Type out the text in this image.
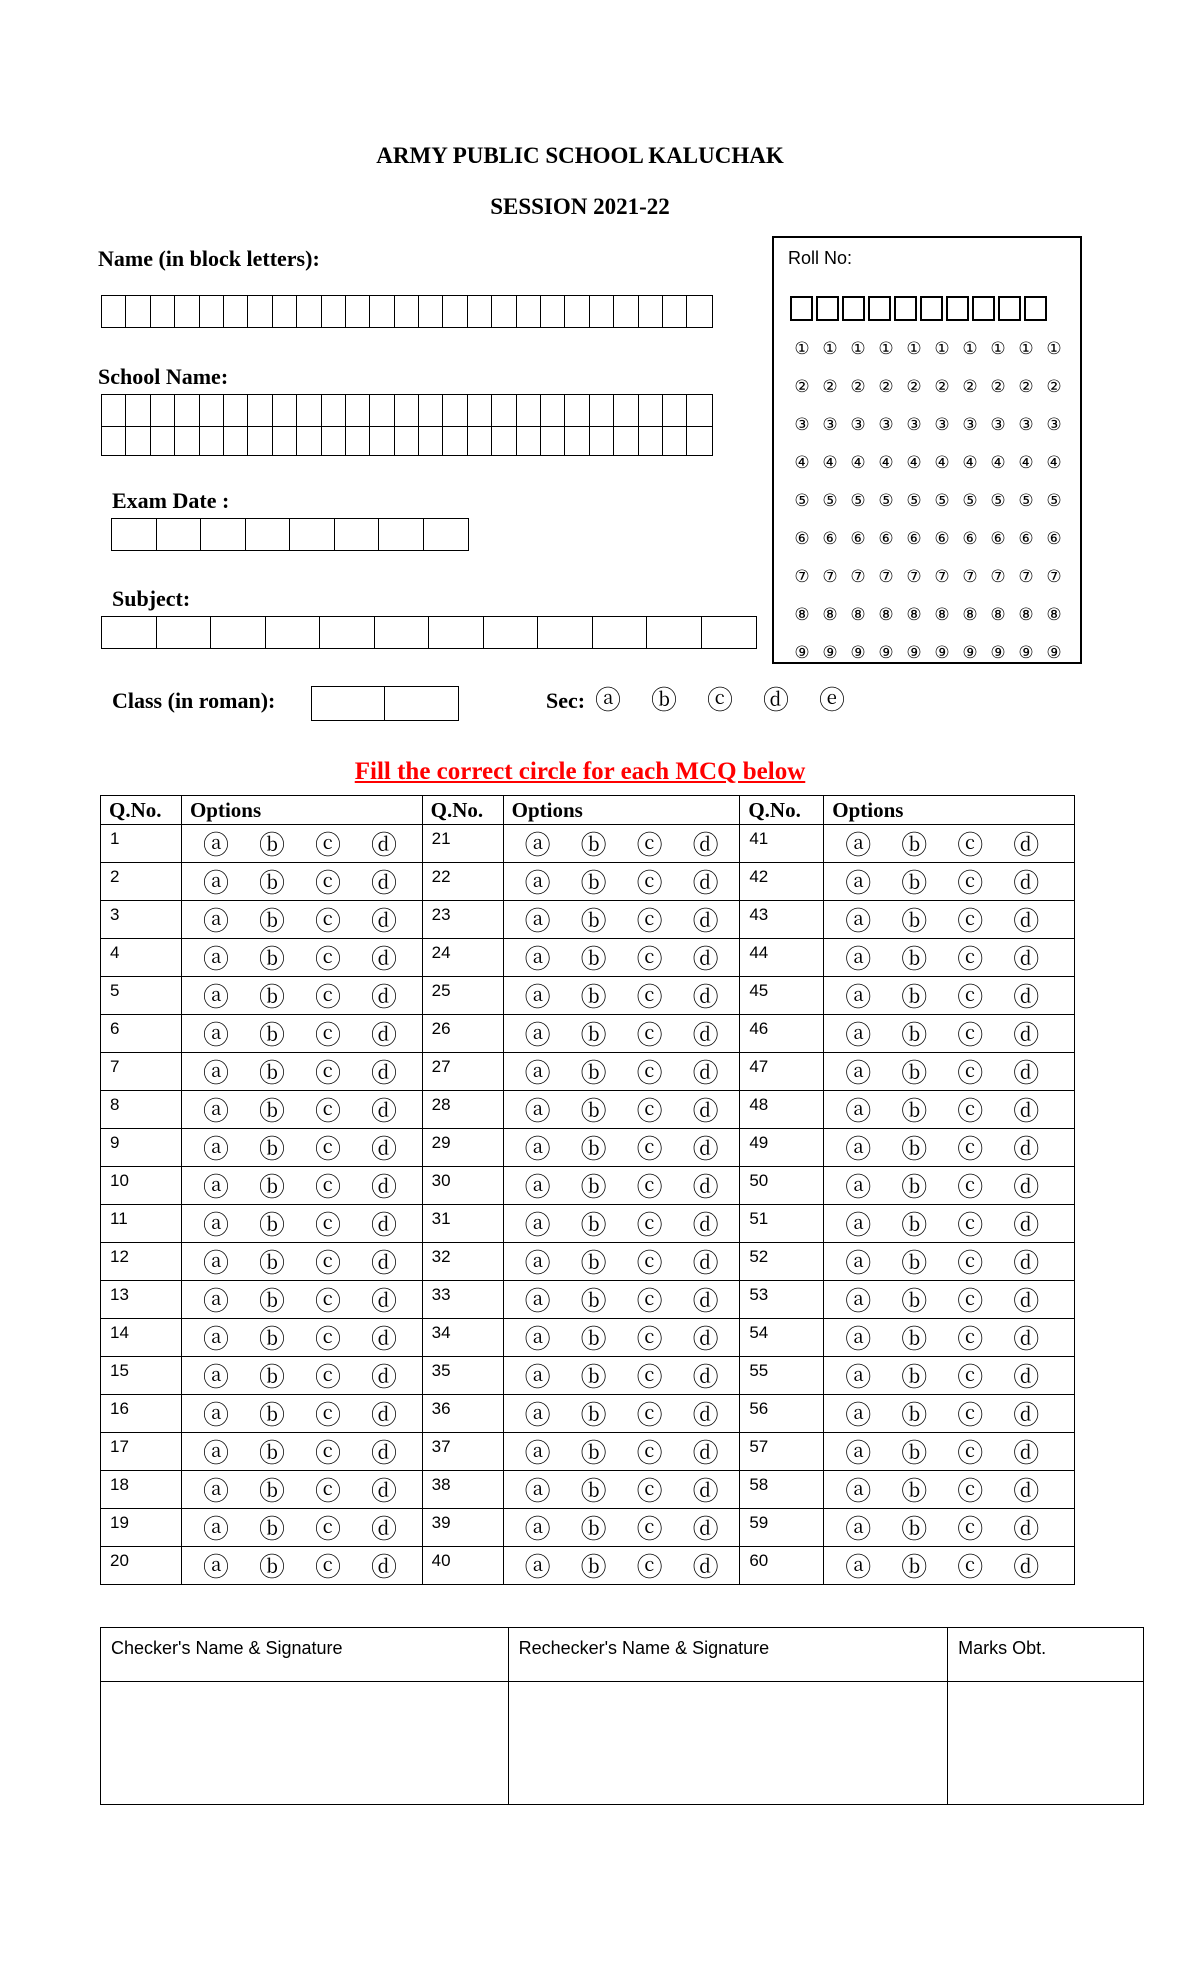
ARMY PUBLIC SCHOOL KALUCHAK
SESSION 2021-22
Name (in block letters):
School Name:
Exam Date :
Subject:
Class (in roman):	Sec: ⓐ ⓑ ⓒ ⓓ ⓔ
Roll No:
① ① ① ① ① ① ① ① ① ①
② ② ② ② ② ② ② ② ② ②
③ ③ ③ ③ ③ ③ ③ ③ ③ ③
④ ④ ④ ④ ④ ④ ④ ④ ④ ④
⑤ ⑤ ⑤ ⑤ ⑤ ⑤ ⑤ ⑤ ⑤ ⑤
⑥ ⑥ ⑥ ⑥ ⑥ ⑥ ⑥ ⑥ ⑥ ⑥
⑦ ⑦ ⑦ ⑦ ⑦ ⑦ ⑦ ⑦ ⑦ ⑦
⑧ ⑧ ⑧ ⑧ ⑧ ⑧ ⑧ ⑧ ⑧ ⑧
⑨ ⑨ ⑨ ⑨ ⑨ ⑨ ⑨ ⑨ ⑨ ⑨
Fill the correct circle for each MCQ below
Q.No.	Options	Q.No.	Options	Q.No.	Options
1	ⓐ ⓑ ⓒ ⓓ	21	ⓐ ⓑ ⓒ ⓓ	41	ⓐ ⓑ ⓒ ⓓ
2	ⓐ ⓑ ⓒ ⓓ	22	ⓐ ⓑ ⓒ ⓓ	42	ⓐ ⓑ ⓒ ⓓ
3	ⓐ ⓑ ⓒ ⓓ	23	ⓐ ⓑ ⓒ ⓓ	43	ⓐ ⓑ ⓒ ⓓ
4	ⓐ ⓑ ⓒ ⓓ	24	ⓐ ⓑ ⓒ ⓓ	44	ⓐ ⓑ ⓒ ⓓ
5	ⓐ ⓑ ⓒ ⓓ	25	ⓐ ⓑ ⓒ ⓓ	45	ⓐ ⓑ ⓒ ⓓ
6	ⓐ ⓑ ⓒ ⓓ	26	ⓐ ⓑ ⓒ ⓓ	46	ⓐ ⓑ ⓒ ⓓ
7	ⓐ ⓑ ⓒ ⓓ	27	ⓐ ⓑ ⓒ ⓓ	47	ⓐ ⓑ ⓒ ⓓ
8	ⓐ ⓑ ⓒ ⓓ	28	ⓐ ⓑ ⓒ ⓓ	48	ⓐ ⓑ ⓒ ⓓ
9	ⓐ ⓑ ⓒ ⓓ	29	ⓐ ⓑ ⓒ ⓓ	49	ⓐ ⓑ ⓒ ⓓ
10	ⓐ ⓑ ⓒ ⓓ	30	ⓐ ⓑ ⓒ ⓓ	50	ⓐ ⓑ ⓒ ⓓ
11	ⓐ ⓑ ⓒ ⓓ	31	ⓐ ⓑ ⓒ ⓓ	51	ⓐ ⓑ ⓒ ⓓ
12	ⓐ ⓑ ⓒ ⓓ	32	ⓐ ⓑ ⓒ ⓓ	52	ⓐ ⓑ ⓒ ⓓ
13	ⓐ ⓑ ⓒ ⓓ	33	ⓐ ⓑ ⓒ ⓓ	53	ⓐ ⓑ ⓒ ⓓ
14	ⓐ ⓑ ⓒ ⓓ	34	ⓐ ⓑ ⓒ ⓓ	54	ⓐ ⓑ ⓒ ⓓ
15	ⓐ ⓑ ⓒ ⓓ	35	ⓐ ⓑ ⓒ ⓓ	55	ⓐ ⓑ ⓒ ⓓ
16	ⓐ ⓑ ⓒ ⓓ	36	ⓐ ⓑ ⓒ ⓓ	56	ⓐ ⓑ ⓒ ⓓ
17	ⓐ ⓑ ⓒ ⓓ	37	ⓐ ⓑ ⓒ ⓓ	57	ⓐ ⓑ ⓒ ⓓ
18	ⓐ ⓑ ⓒ ⓓ	38	ⓐ ⓑ ⓒ ⓓ	58	ⓐ ⓑ ⓒ ⓓ
19	ⓐ ⓑ ⓒ ⓓ	39	ⓐ ⓑ ⓒ ⓓ	59	ⓐ ⓑ ⓒ ⓓ
20	ⓐ ⓑ ⓒ ⓓ	40	ⓐ ⓑ ⓒ ⓓ	60	ⓐ ⓑ ⓒ ⓓ
Checker's Name & Signature	Rechecker's Name & Signature	Marks Obt.
